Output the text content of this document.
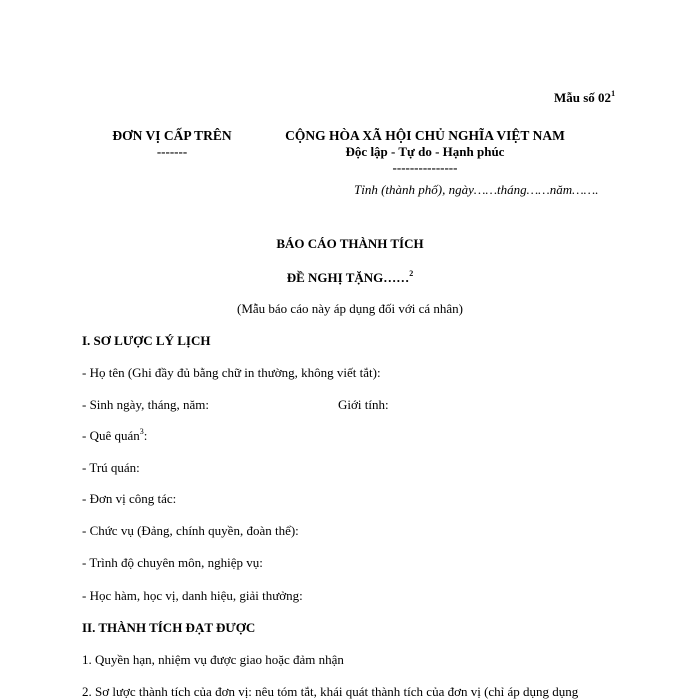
Mẫu số $02^1$
ĐƠN VỊ CẤP TRÊN
-------
CỘNG HÒA XÃ HỘI CHỦ NGHĨA VIỆT NAM
Độc lập - Tự do - Hạnh phúc
---------------
Tỉnh (thành phố), ngày……tháng……năm…….
BÁO CÁO THÀNH TÍCH
ĐỀ NGHỊ TẶNG……$^2$
(Mẫu báo cáo này áp dụng đối với cá nhân)
I. SƠ LƯỢC LÝ LỊCH
- Họ tên (Ghi đầy đủ bằng chữ in thường, không viết tắt):
- Sinh ngày, tháng, năm:	Giới tính:
- Quê quán$^3$:
- Trú quán:
- Đơn vị công tác:
- Chức vụ (Đảng, chính quyền, đoàn thể):
- Trình độ chuyên môn, nghiệp vụ:
- Học hàm, học vị, danh hiệu, giải thưởng:
II. THÀNH TÍCH ĐẠT ĐƯỢC
1. Quyền hạn, nhiệm vụ được giao hoặc đảm nhận
2. Sơ lược thành tích của đơn vị: nêu tóm tắt, khái quát thành tích của đơn vị (chỉ áp dụng dụng
